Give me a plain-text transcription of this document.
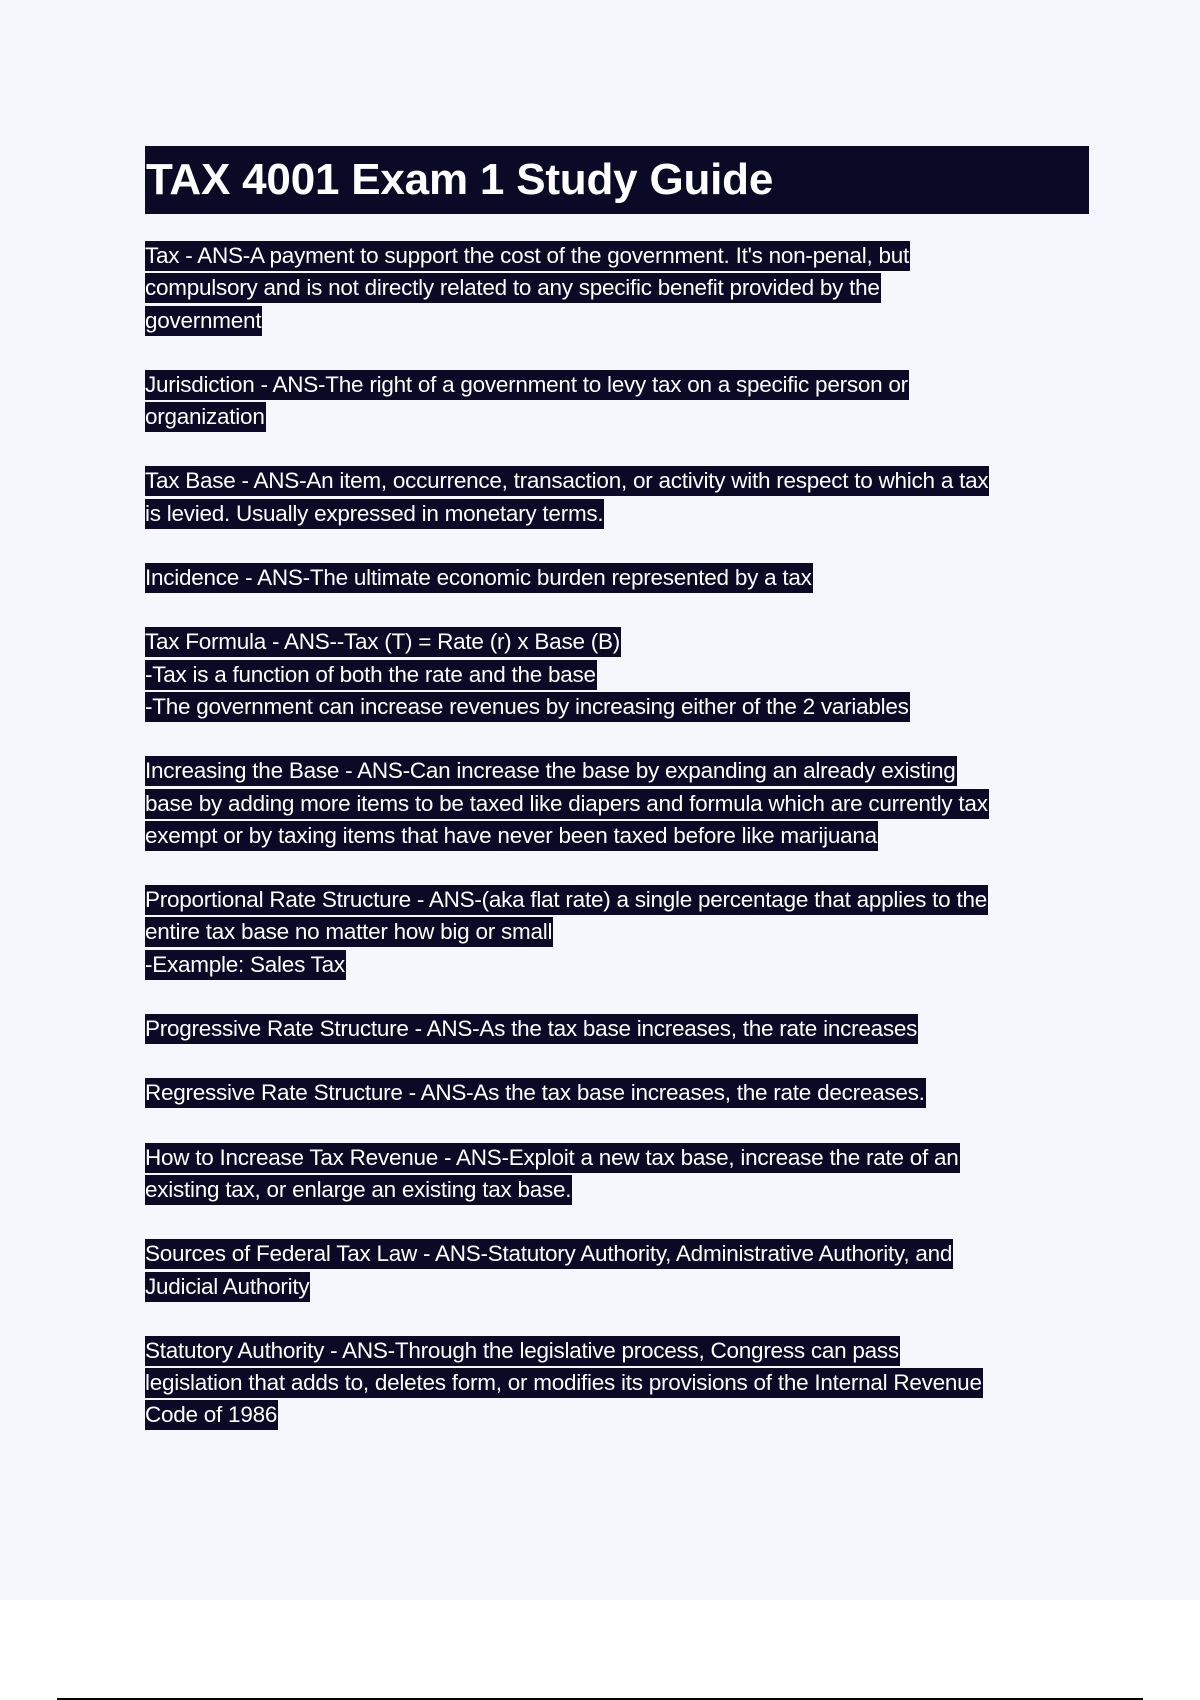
TAX 4001 Exam 1 Study Guide
Tax - ANS-A payment to support the cost of the government. It's non-penal, but
compulsory and is not directly related to any specific benefit provided by the
government
Jurisdiction - ANS-The right of a government to levy tax on a specific person or
organization
Tax Base - ANS-An item, occurrence, transaction, or activity with respect to which a tax
is levied. Usually expressed in monetary terms.
Incidence - ANS-The ultimate economic burden represented by a tax
Tax Formula - ANS--Tax (T) = Rate (r) x Base (B)
-Tax is a function of both the rate and the base
-The government can increase revenues by increasing either of the 2 variables
Increasing the Base - ANS-Can increase the base by expanding an already existing
base by adding more items to be taxed like diapers and formula which are currently tax
exempt or by taxing items that have never been taxed before like marijuana
Proportional Rate Structure - ANS-(aka flat rate) a single percentage that applies to the
entire tax base no matter how big or small
-Example: Sales Tax
Progressive Rate Structure - ANS-As the tax base increases, the rate increases
Regressive Rate Structure - ANS-As the tax base increases, the rate decreases.
How to Increase Tax Revenue - ANS-Exploit a new tax base, increase the rate of an
existing tax, or enlarge an existing tax base.
Sources of Federal Tax Law - ANS-Statutory Authority, Administrative Authority, and
Judicial Authority
Statutory Authority - ANS-Through the legislative process, Congress can pass
legislation that adds to, deletes form, or modifies its provisions of the Internal Revenue
Code of 1986
